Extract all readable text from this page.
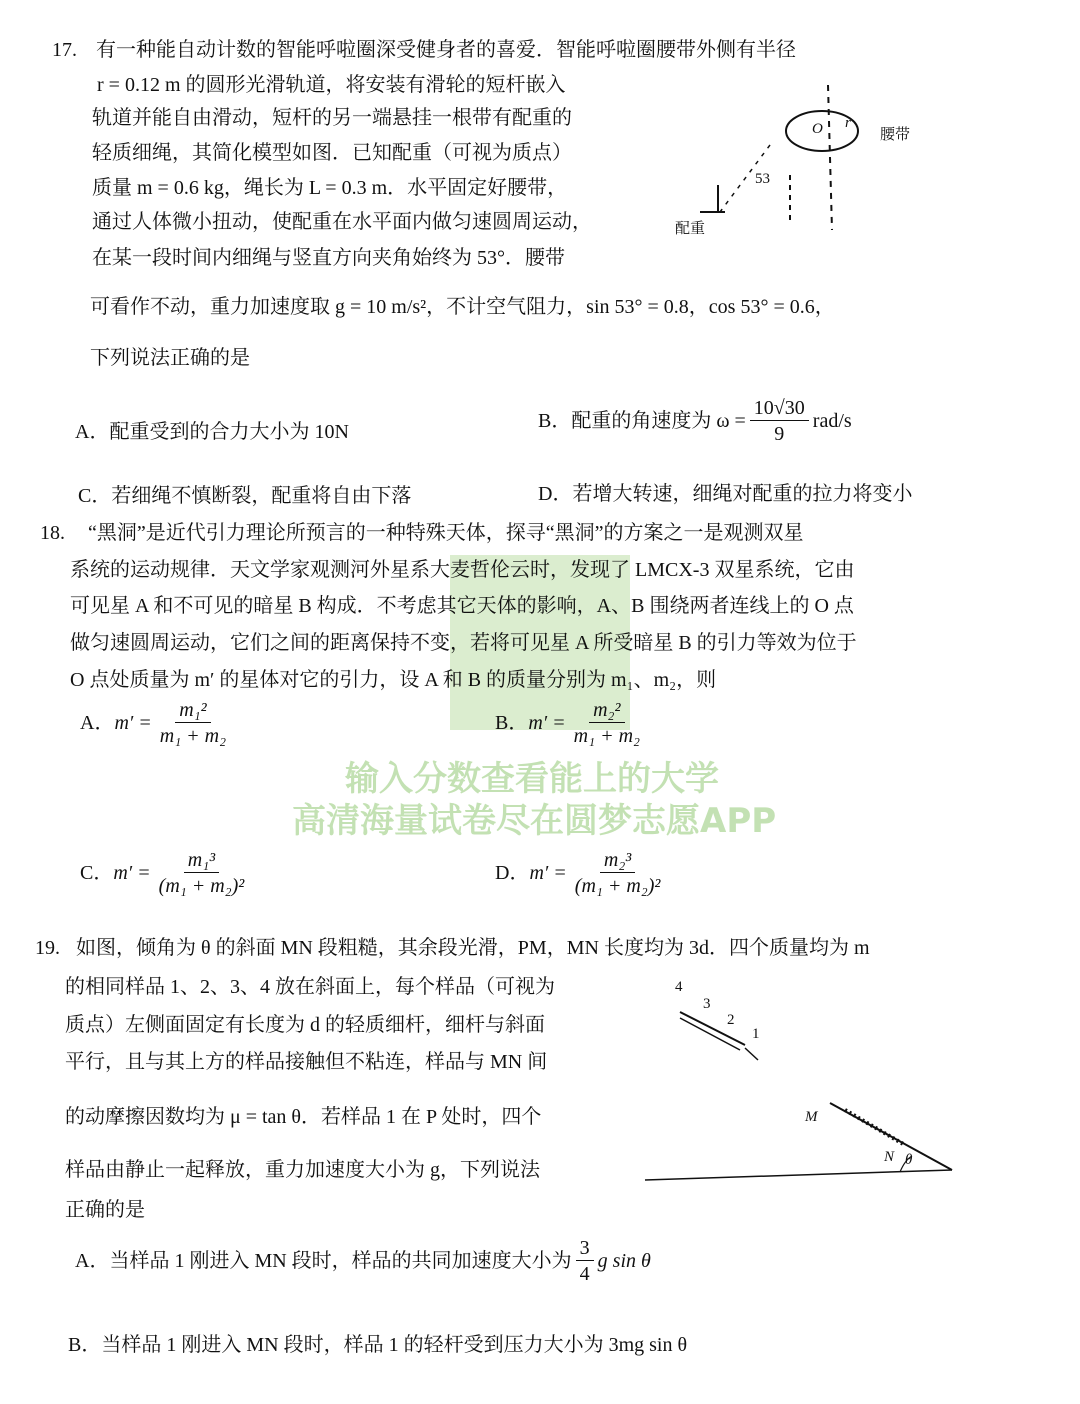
17. 有一种能自动计数的智能呼啦圈深受健身者的喜爱．智能呼啦圈腰带外侧有半径
r = 0.12 m 的圆形光滑轨道，将安装有滑轮的短杆嵌入
轨道并能自由滑动，短杆的另一端悬挂一根带有配重的
轻质细绳，其简化模型如图．已知配重（可视为质点）
质量 m = 0.6 kg，绳长为 L = 0.3 m．水平固定好腰带，
通过人体微小扭动，使配重在水平面内做匀速圆周运动，
在某一段时间内细绳与竖直方向夹角始终为 53°．腰带
可看作不动，重力加速度取 g = 10 m/s²，不计空气阻力，sin 53° = 0.8，cos 53° = 0.6，
下列说法正确的是
A．配重受到的合力大小为 10N	B．配重的角速度为 $\omega = \frac{10√30}{9} rad/s$
C．若细绳不慎断裂，配重将自由下落	D．若增大转速，细绳对配重的拉力将变小
O r
腰带
53
配重
18. “黑洞”是近代引力理论所预言的一种特殊天体，探寻“黑洞”的方案之一是观测双星
系统的运动规律．天文学家观测河外星系大麦哲伦云时，发现了 LMCX-3 双星系统，它由
可见星 A 和不可见的暗星 B 构成．不考虑其它天体的影响，A、B 围绕两者连线上的 O 点
做匀速圆周运动，它们之间的距离保持不变，若将可见星 A 所受暗星 B 的引力等效为位于
O 点处质量为 m′ 的星体对它的引力，设 A 和 B 的质量分别为 m₁、m₂，则
A． $m' = \frac{\text{m₁²}}{\text{m₁ + m₂}}$	B． $m' = \frac{\text{m₂²}}{\text{m₁ + m₂}}$
C． $m' = \frac{\text{m₁³}}{\text{(m₁ + m₂)²}}$	D． $m' = \frac{\text{m₂³}}{\text{(m₁ + m₂)²}}$
输入分数查看能上的大学
高清海量试卷尽在圆梦志愿APP
19. 如图，倾角为 θ 的斜面 MN 段粗糙，其余段光滑，PM，MN 长度均为 3d．四个质量均为 m
的相同样品 1、2、3、4 放在斜面上，每个样品（可视为
质点）左侧面固定有长度为 d 的轻质细杆，细杆与斜面
平行，且与其上方的样品接触但不粘连，样品与 MN 间
的动摩擦因数均为 μ = tan θ．若样品 1 在 P 处时，四个
样品由静止一起释放，重力加速度大小为 g，下列说法
正确的是
A．当样品 1 刚进入 MN 段时，样品的共同加速度大小为 $\frac{3}{4}$ g sin θ
B．当样品 1 刚进入 MN 段时，样品 1 的轻杆受到压力大小为 3mg sin θ
4
3
2
1
M
N θ
